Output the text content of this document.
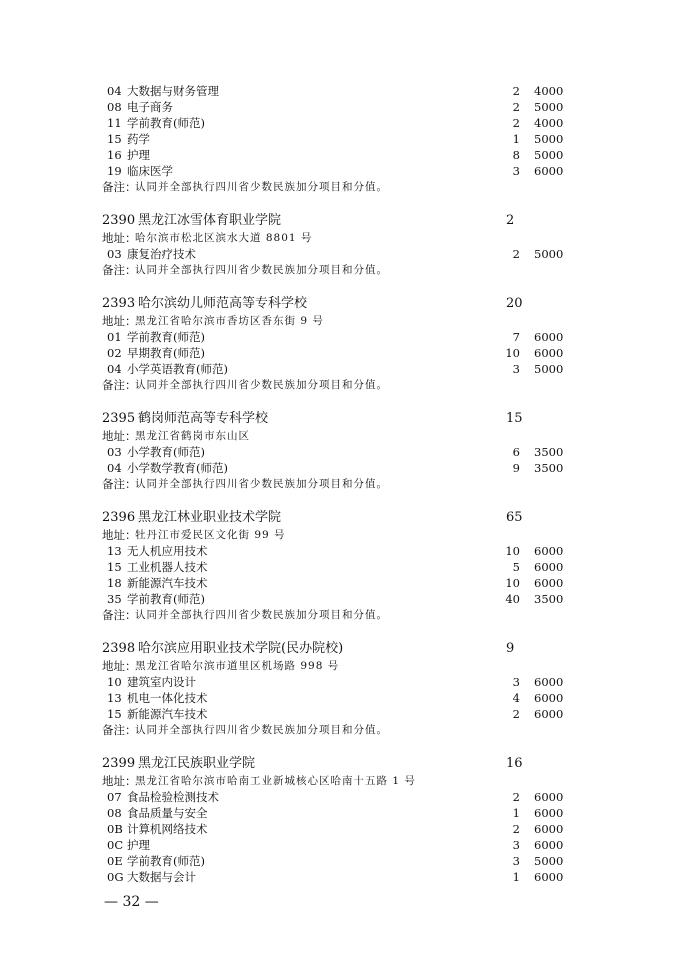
04 大数据与财务管理	2 4000
08 电子商务	2 5000
11 学前教育(师范)	2 4000
15 药学	1 5000
16 护理	8 5000
19 临床医学	3 6000
备注：
认同并全部执行四川省少数民族加分项目和分值。
2390 黑龙江冰雪体育职业学院	2
地址：
哈尔滨市松北区滨水大道 8801 号
03 康复治疗技术	2 5000
备注：
认同并全部执行四川省少数民族加分项目和分值。
2393 哈尔滨幼儿师范高等专科学校	20
地址：
黑龙江省哈尔滨市香坊区香东街 9 号
01 学前教育(师范)	7 6000
02 早期教育(师范)	10 6000
04 小学英语教育(师范)	3 5000
备注：
认同并全部执行四川省少数民族加分项目和分值。
2395 鹤岗师范高等专科学校	15
地址：
黑龙江省鹤岗市东山区
03 小学教育(师范)	6 3500
04 小学数学教育(师范)	9 3500
备注：
认同并全部执行四川省少数民族加分项目和分值。
2396 黑龙江林业职业技术学院	65
地址：
牡丹江市爱民区文化街 99 号
13 无人机应用技术	10 6000
15 工业机器人技术	5 6000
18 新能源汽车技术	10 6000
35 学前教育(师范)	40 3500
备注：
认同并全部执行四川省少数民族加分项目和分值。
2398 哈尔滨应用职业技术学院(民办院校)	9
地址：
黑龙江省哈尔滨市道里区机场路 998 号
10 建筑室内设计	3 6000
13 机电一体化技术	4 6000
15 新能源汽车技术	2 6000
备注：
认同并全部执行四川省少数民族加分项目和分值。
2399 黑龙江民族职业学院	16
地址：
黑龙江省哈尔滨市哈南工业新城核心区哈南十五路 1 号
07 食品检验检测技术	2 6000
08 食品质量与安全	1 6000
0B 计算机网络技术	2 6000
0C 护理	3 6000
0E 学前教育(师范)	3 5000
0G 大数据与会计	1 6000
— 32 —
